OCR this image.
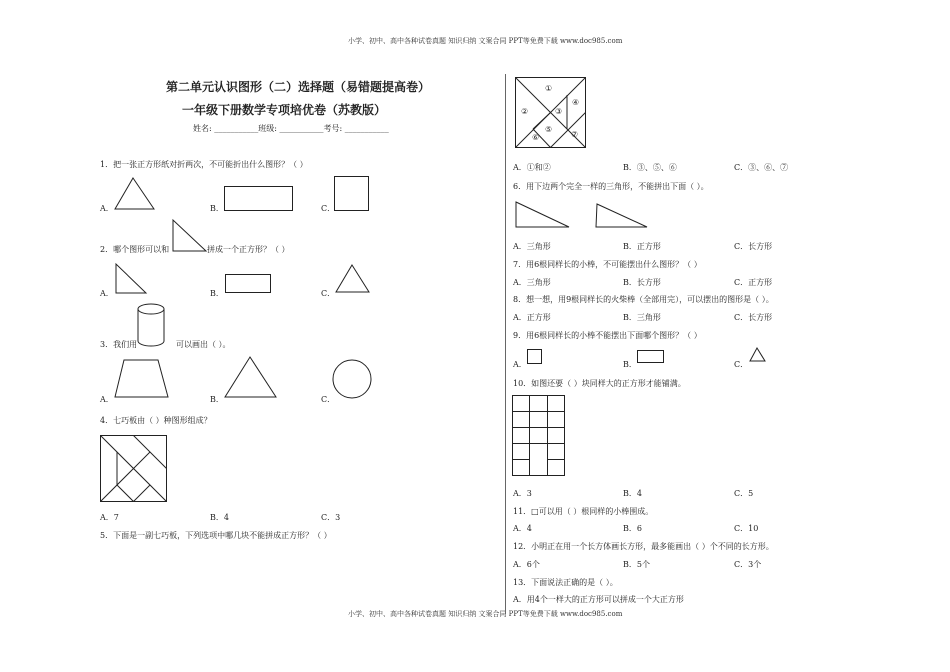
小学、初中、高中各种试卷真题 知识归纳 文案合同 PPT等免费下载 www.doc985.com
小学、初中、高中各种试卷真题 知识归纳 文案合同 PPT等免费下载 www.doc985.com
第二单元认识图形（二）选择题（易错题提高卷）
一年级下册数学专项培优卷（苏教版）
姓名: ___________班级: ___________考号: ___________
1．把一张正方形纸对折两次，不可能折出什么图形？（ ）
A．	B．	C．
2．哪个图形可以和	拼成一个正方形？（ ）
A．	B．	C．
3．我们用	可以画出（ ）。
A．	B．	C．
4．七巧板由（ ）种图形组成？
A．7	B．4	C．3
5．下面是一副七巧板，下列选项中哪几块不能拼成正方形？（ ）
①
②	③
④
⑤
⑥	⑦
A．①和②	B．③、⑤、⑥	C．③、⑥、⑦
6．用下边两个完全一样的三角形，不能拼出下面（ ）。
A．三角形	B．正方形	C．长方形
7．用6根同样长的小棒，不可能摆出什么图形？（ ）
A．三角形	B．长方形	C．正方形
8．想一想，用9根同样长的火柴棒（全部用完），可以摆出的图形是（ ）。
A．正方形	B．三角形	C．长方形
9．用6根同样长的小棒不能摆出下面哪个图形？（ ）
A．	B．	C．
10．如图还要（ ）块同样大的正方形才能铺满。
A．3	B．4	C．5
11．□可以用（ ）根同样的小棒围成。
A．4	B．6	C．10
12．小明正在用一个长方体画长方形，最多能画出（ ）个不同的长方形。
A．6个	B．5个	C．3个
13．下面说法正确的是（ ）。
A．用4个一样大的正方形可以拼成一个大正方形
